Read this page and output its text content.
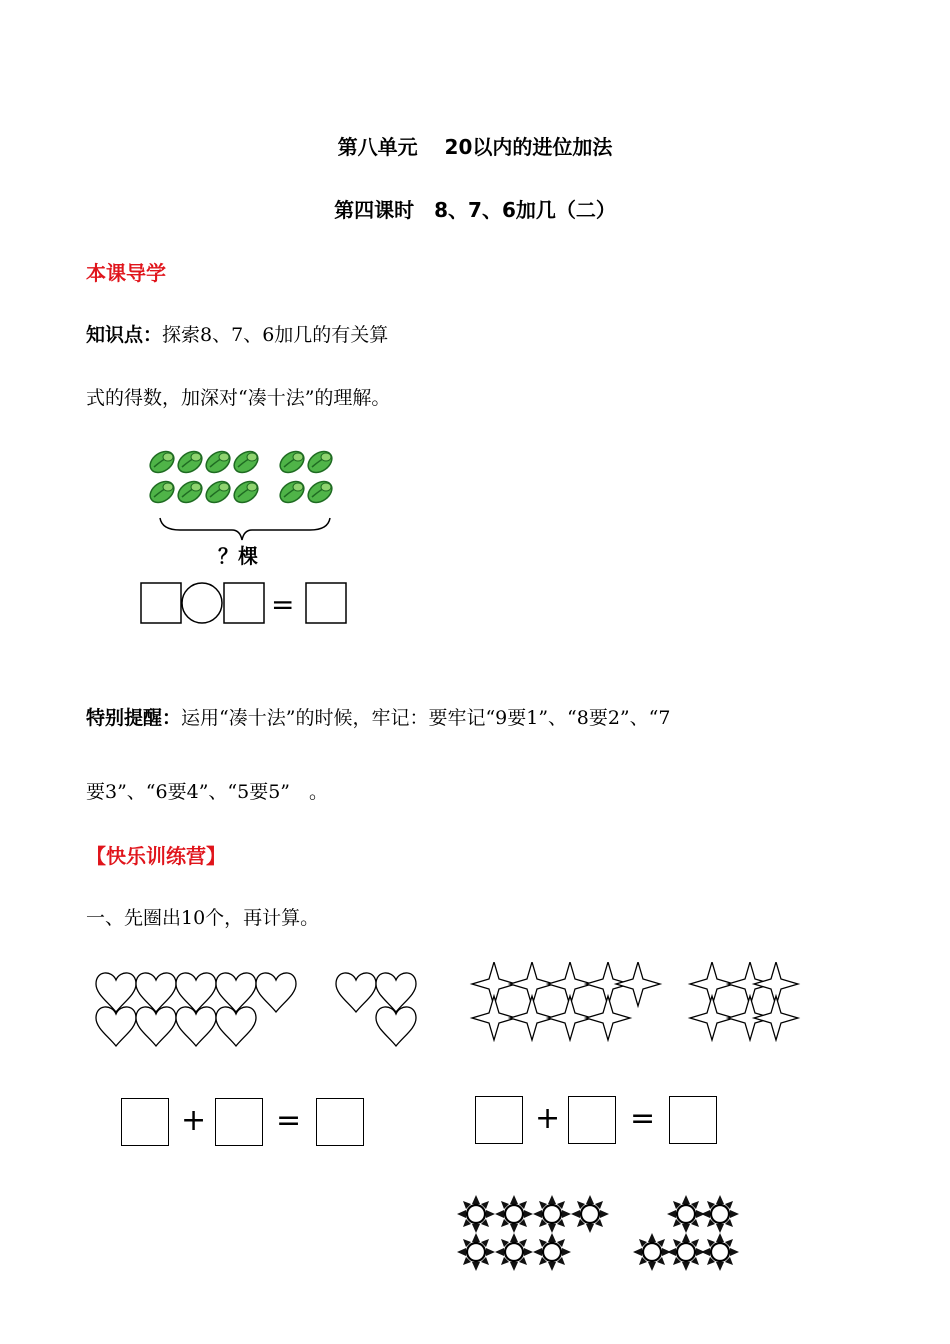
第八单元　 20以内的进位加法
第四课时　8、7、6加几（二）
本课导学
知识点：探索8、7、6加几的有关算
式的得数，加深对“凑十法”的理解。
？棵
=
特别提醒：运用“凑十法”的时候，牢记：要牢记“9要1”、“8要2”、“7
要3”、“6要4”、“5要5”　。
【快乐训练营】
一、先圈出10个，再计算。
+ =	+ =
